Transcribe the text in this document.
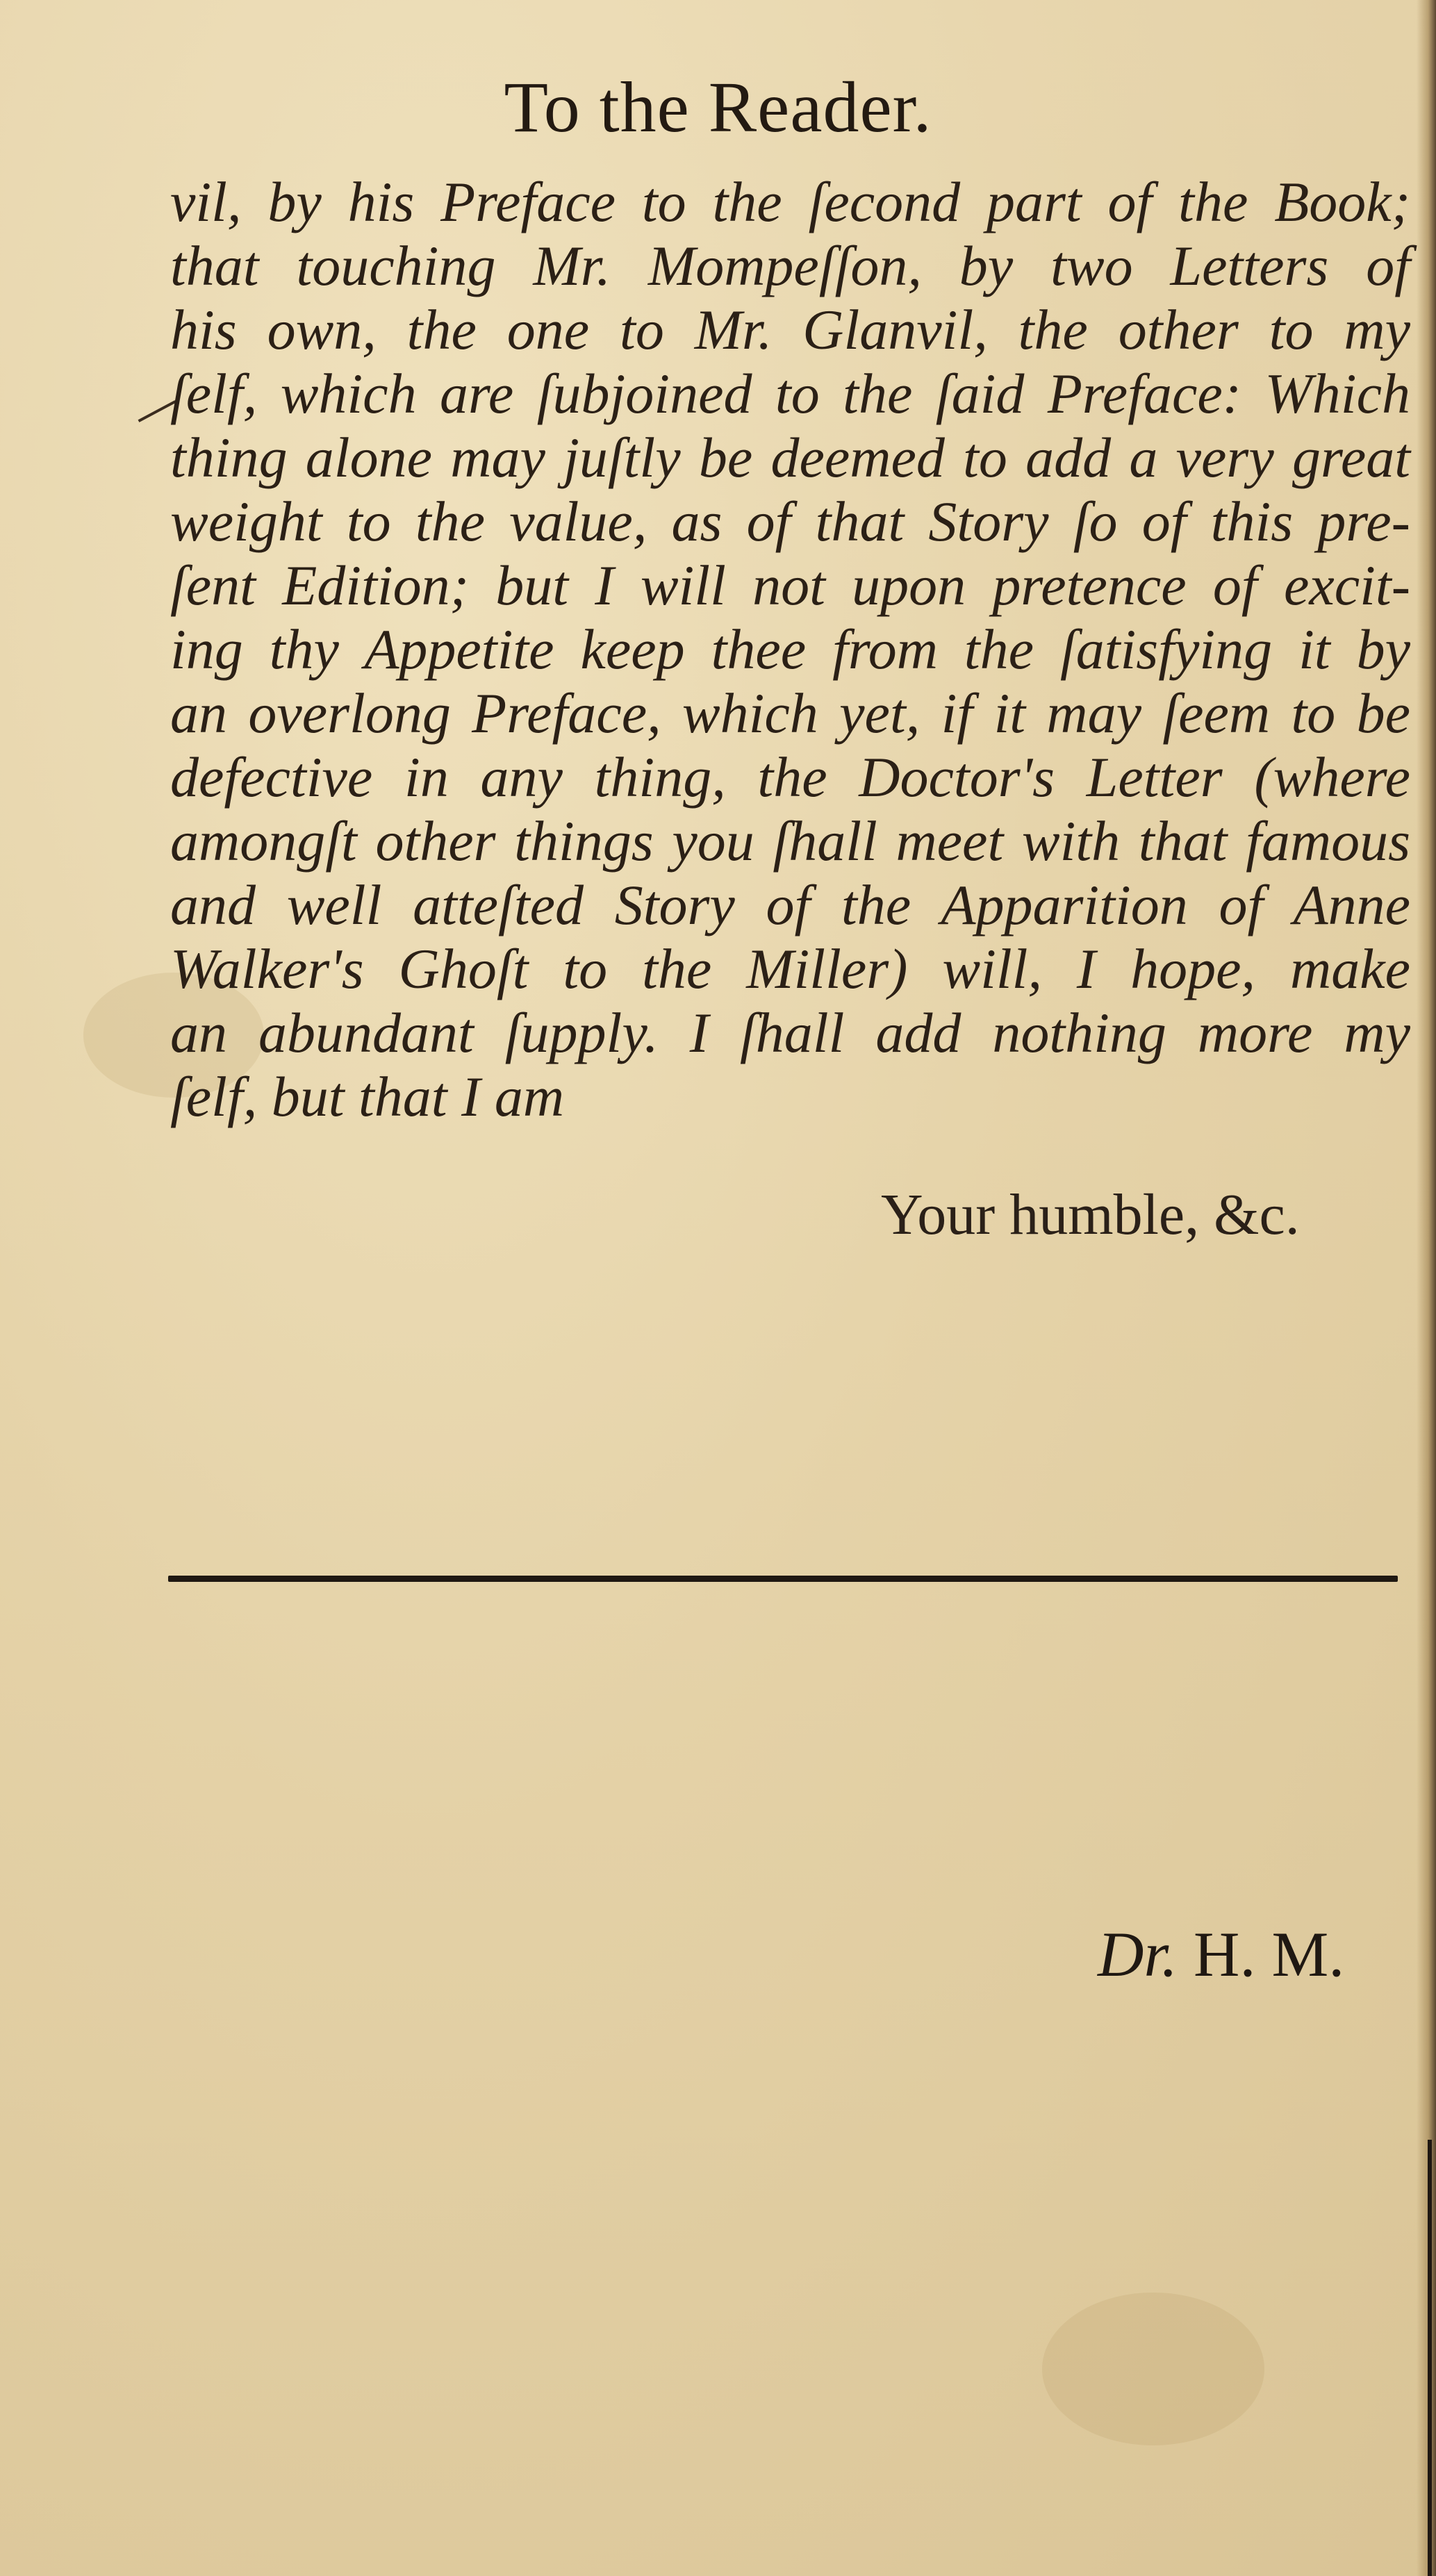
To the Reader.
vil, by his Preface to the ſecond part of the Book;
that touching Mr. Mompeſſon, by two Letters of
his own, the one to Mr. Glanvil, the other to my
ſelf, which are ſubjoined to the ſaid Preface: Which
thing alone may juſtly be deemed to add a very great
weight to the value, as of that Story ſo of this pre-
ſent Edition; but I will not upon pretence of excit-
ing thy Appetite keep thee from the ſatisfying it by
an overlong Preface, which yet, if it may ſeem to be
defective in any thing, the Doctor's Letter (where
amongſt other things you ſhall meet with that famous
and well atteſted Story of the Apparition of Anne
Walker's Ghoſt to the Miller) will, I hope, make
an abundant ſupply. I ſhall add nothing more my
ſelf, but that I am
Your humble, &c.
Dr. H. M.
